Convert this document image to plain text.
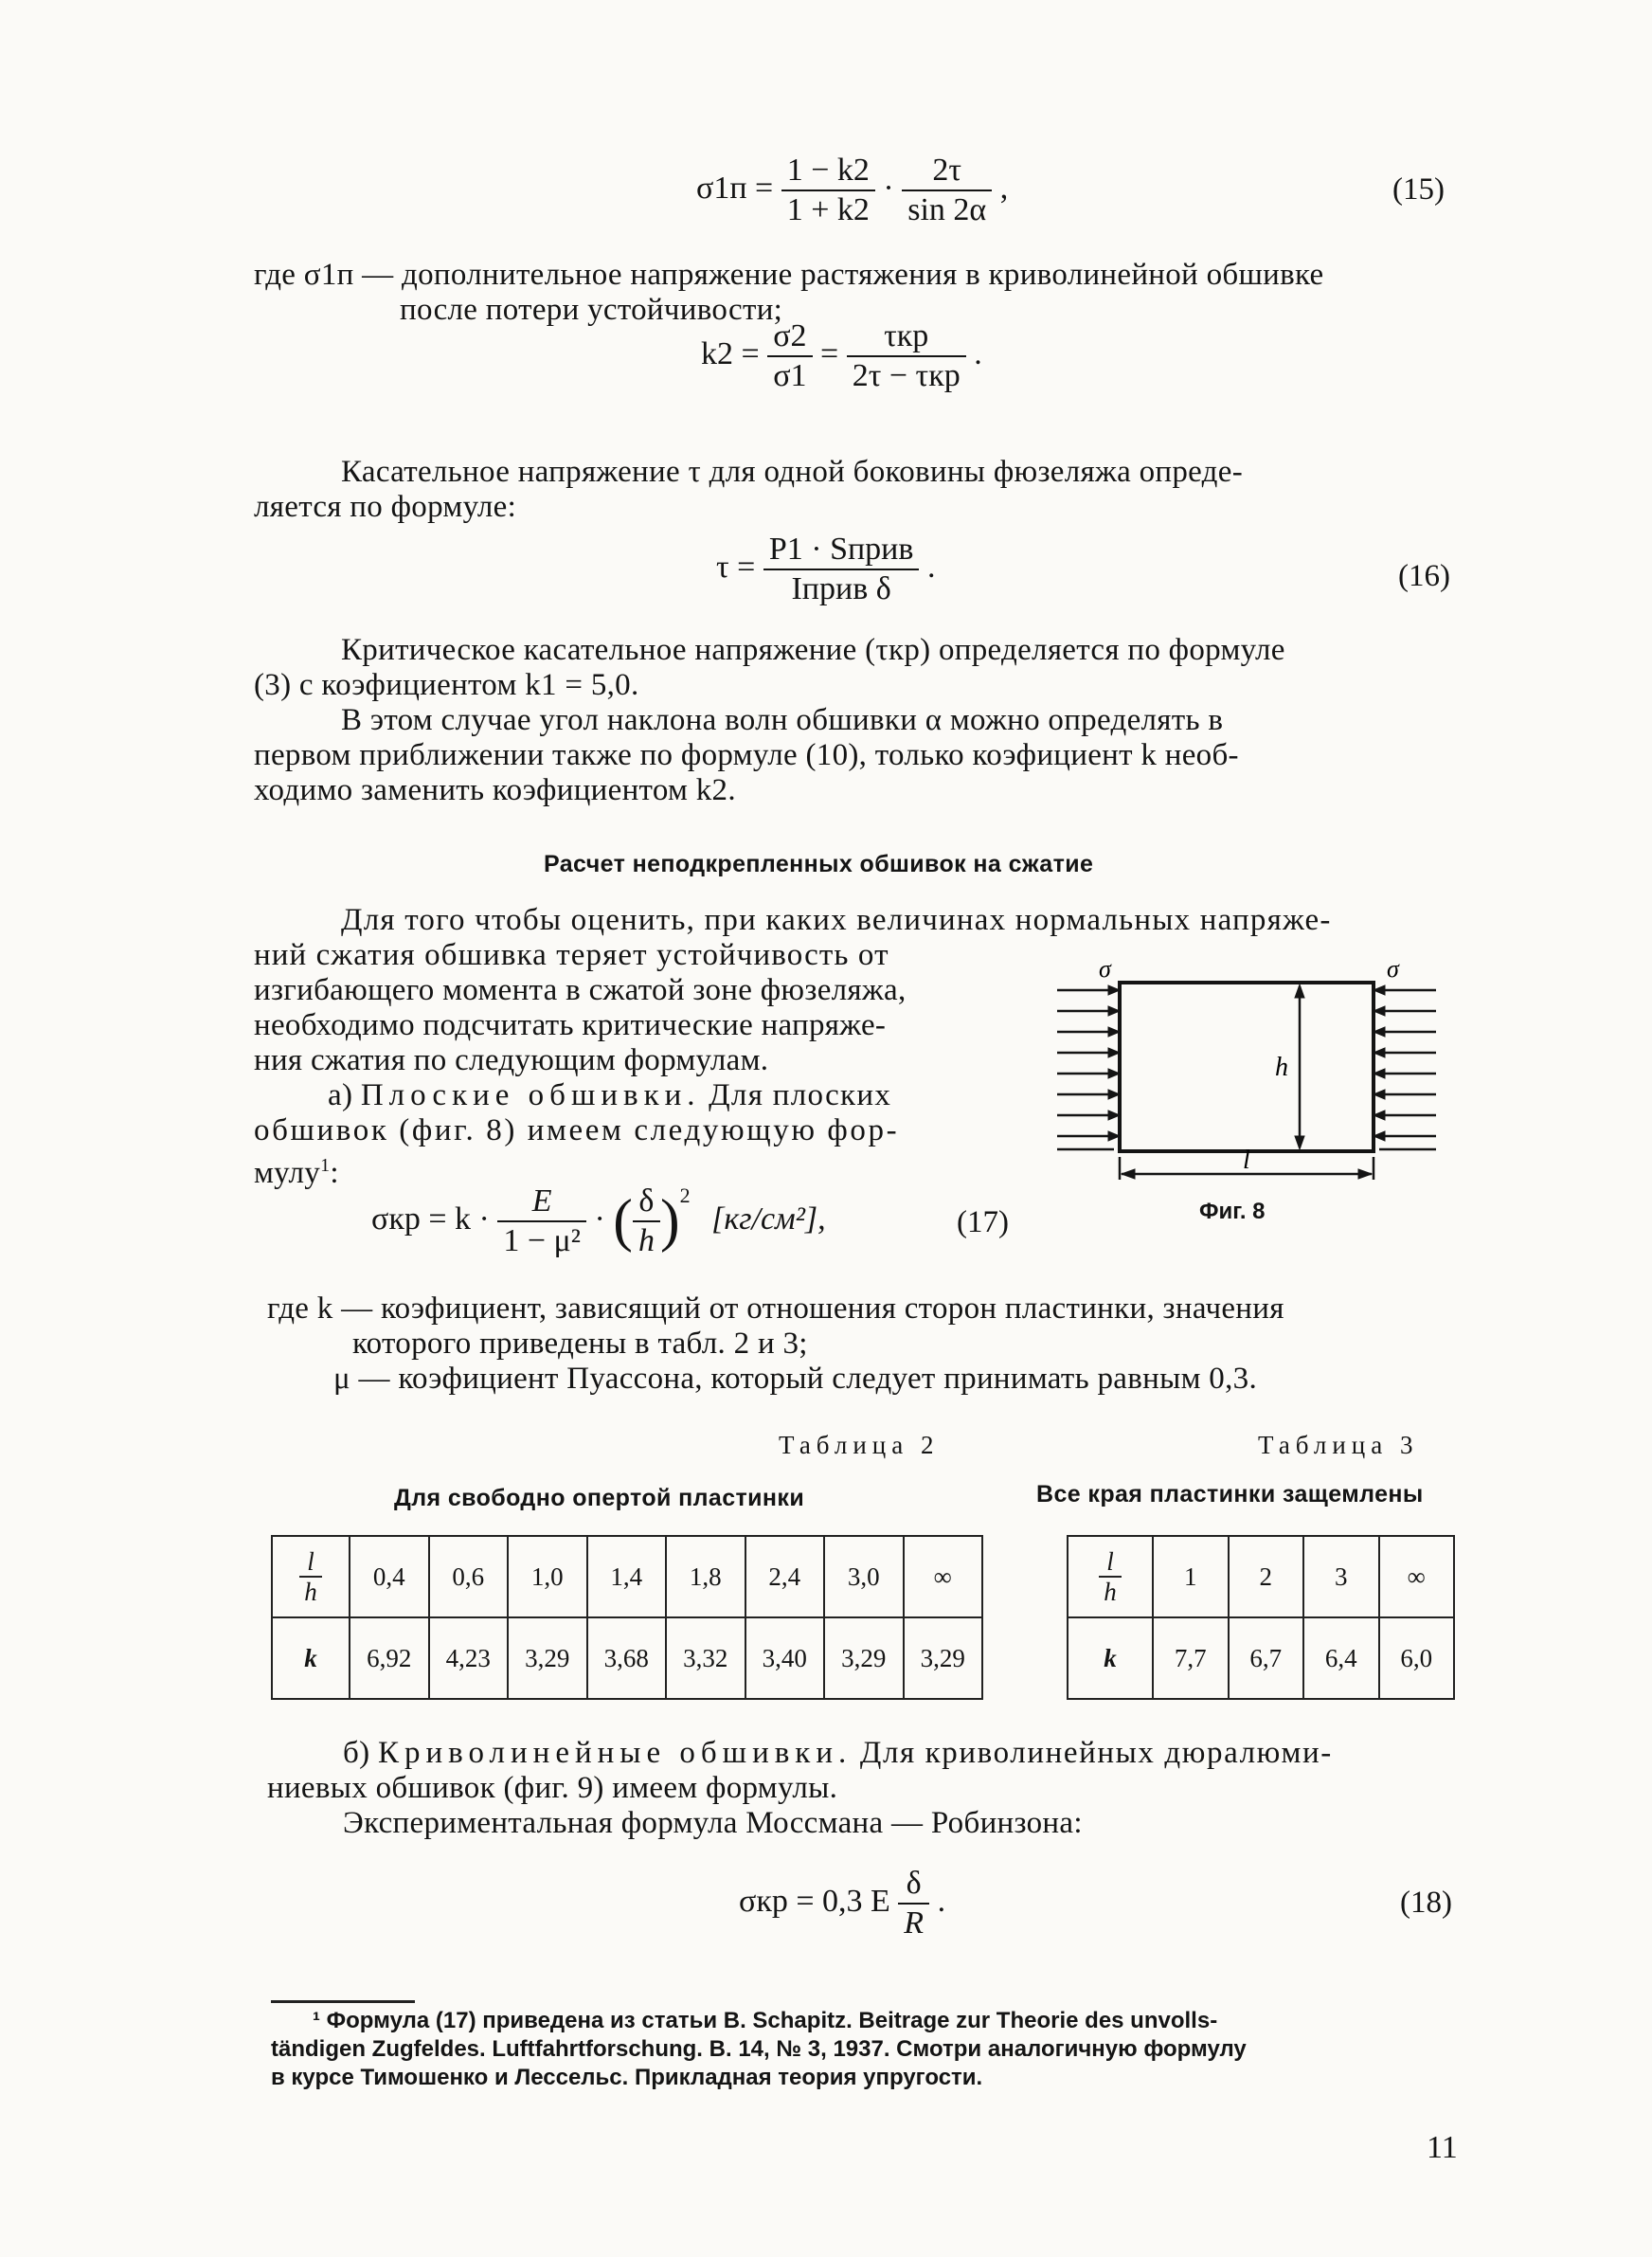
$\sigma 1п = \frac{1 - k2}{1 + k2} \cdot \frac{2\tau}{\sin 2\alpha}$ ,	(15)
где σ1п — дополнительное напряжение растяжения в криволинейной обшивке
после потери устойчивости;
$k2 = \frac{\sigma 2}{\sigma 1} = \frac{\text{τкр}}{\text{2τ − τкр}}$ .
Касательное напряжение τ для одной боковины фюзеляжа опреде-
ляется по формуле:
$\tau = \frac{\text{P1 · Sприв}}{\text{Iприв δ}}$ .	(16)
Критическое касательное напряжение (τкр) определяется по формуле
(3) с коэфициентом k1 = 5,0.
В этом случае угол наклона волн обшивки α можно определять в
первом приближении также по формуле (10), только коэфициент k необ-
ходимо заменить коэфициентом k2.
Расчет неподкрепленных обшивок на сжатие
Для того чтобы оценить, при каких величинах нормальных напряже-
ний сжатия обшивка теряет устойчивость от
изгибающего момента в сжатой зоне фюзеляжа,
необходимо подсчитать критические напряже-
ния сжатия по следующим формулам.
а) Плоские обшивки. Для плоских
обшивок (фиг. 8) имеем следующую фор-
мулу$^1$:
$\sigma кр = k \cdot \frac{E}{\text{1 − μ²}}$ · ( $\frac{\delta}{h} )^2$ [кг/см²],	(17)
σ	σ
h
l
Фиг. 8
где k — коэфициент, зависящий от отношения сторон пластинки, значения
которого приведены в табл. 2 и 3;
μ — коэфициент Пуассона, который следует принимать равным 0,3.
Таблица 2
Для свободно опертой пластинки
$\frac{l}{h}$	0,4	0,6	1,0	1,4	1,8	2,4	3,0	∞
k	6,92	4,23	3,29	3,68	3,32	3,40	3,29	3,29
Таблица 3
Все края пластинки защемлены
$\frac{l}{h}$	1	2	3	∞
k	7,7	6,7	6,4	6,0
б) Криволинейные обшивки. Для криволинейных дюралюми-
ниевых обшивок (фиг. 9) имеем формулы.
Экспериментальная формула Моссмана — Робинзона:
σкр = 0,3 E $\frac{\delta}{R}$ .	(18)
¹ Формула (17) приведена из статьи B. Schapitz. Beitrage zur Theorie des unvolls-
tändigen Zugfeldes. Luftfahrtforschung. B. 14, № 3, 1937. Смотри аналогичную формулу
в курсе Тимошенко и Лессельс. Прикладная теория упругости.
11
